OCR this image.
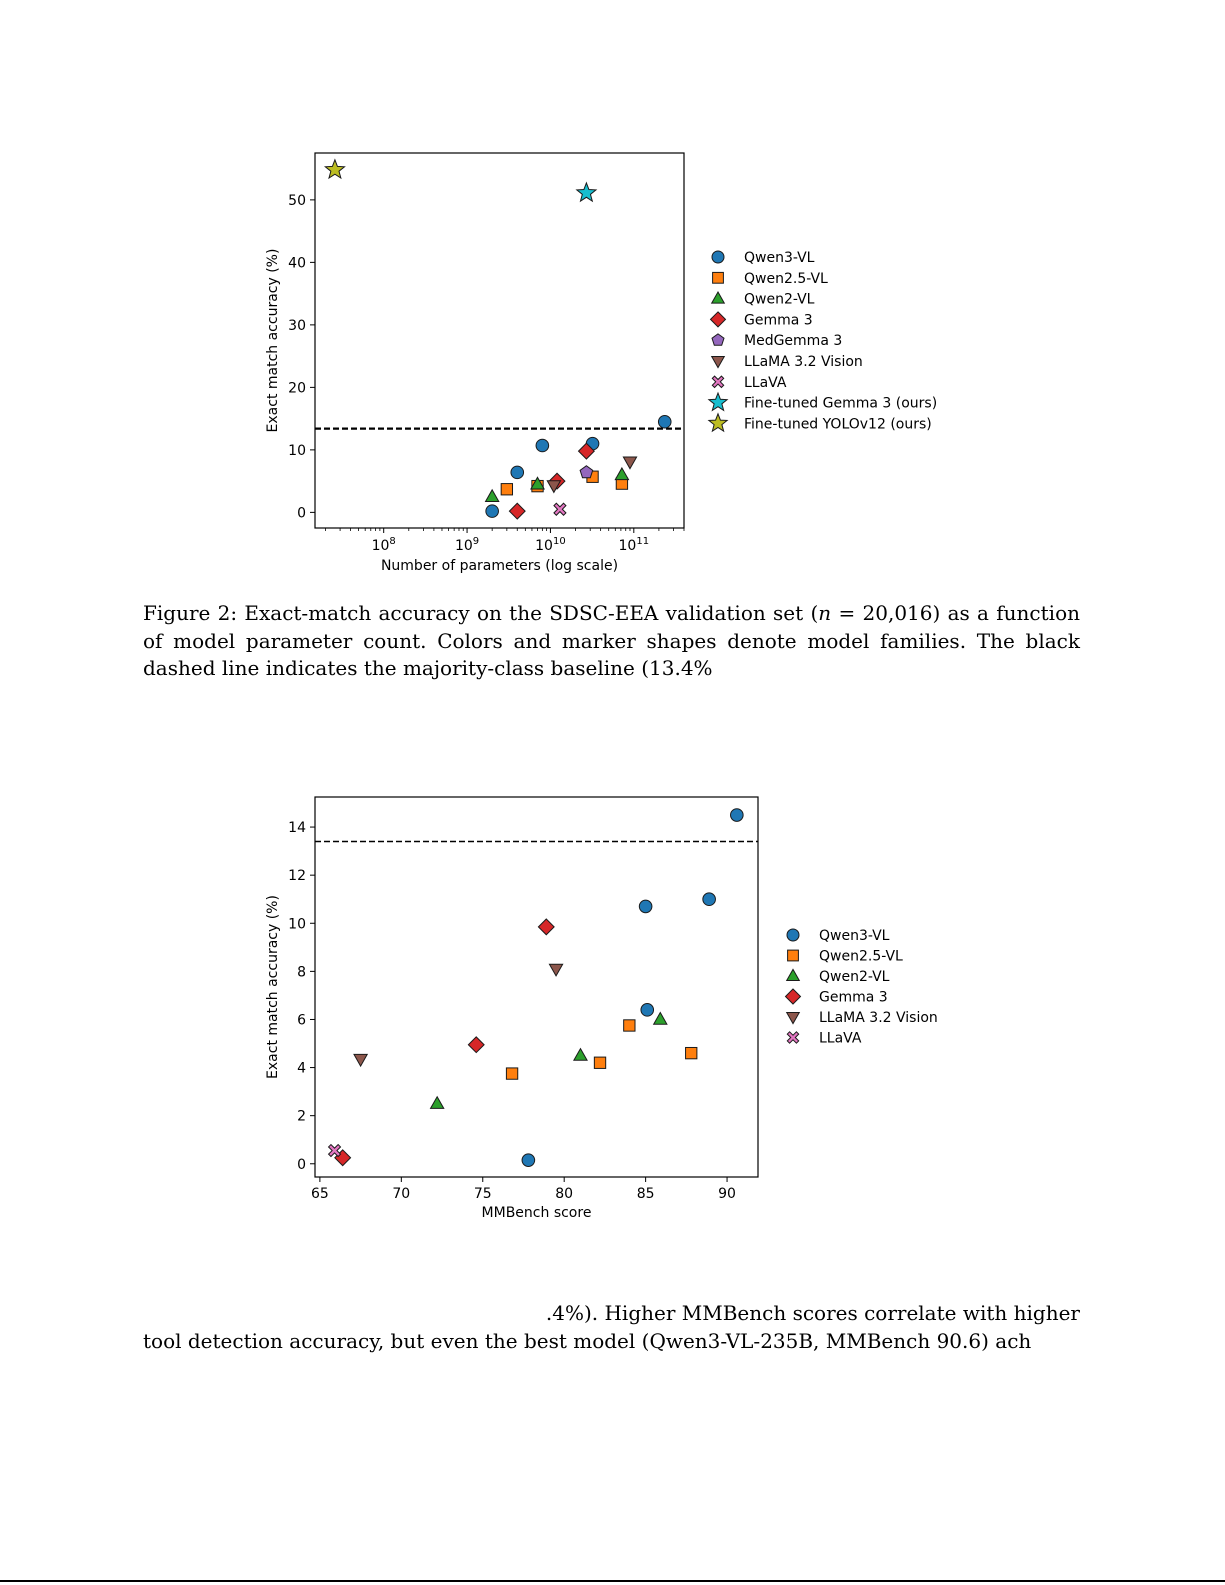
0
10
20
30
40
50
$10^8$	$10^9$	$10^{10}$	$10^{11}$
Number of parameters (log scale)
Exact match accuracy (%)	Qwen3-VL
Qwen2.5-VL
Qwen2-VL
Gemma 3
MedGemma 3
LLaMA 3.2 Vision
LLaVA
Fine-tuned Gemma 3 (ours)
Fine-tuned YOLOv12 (ours)

Figure 2: Exact-match accuracy on the SDSC-EEA validation set (n = 20,016) as a function of model parameter count. Colors and marker shapes denote model families. The black dashed line indicates the majority-class baseline (13.4%

0
2
4
6
8
10
12
14
65	70	75	80	85	90
MMBench score
Exact match accuracy (%)	Qwen3-VL
Qwen2.5-VL
Qwen2-VL
Gemma 3
LLaMA 3.2 Vision
LLaVA

.4%). Higher MMBench scores correlate with higher
tool detection accuracy, but even the best model (Qwen3-VL-235B, MMBench 90.6) ach
